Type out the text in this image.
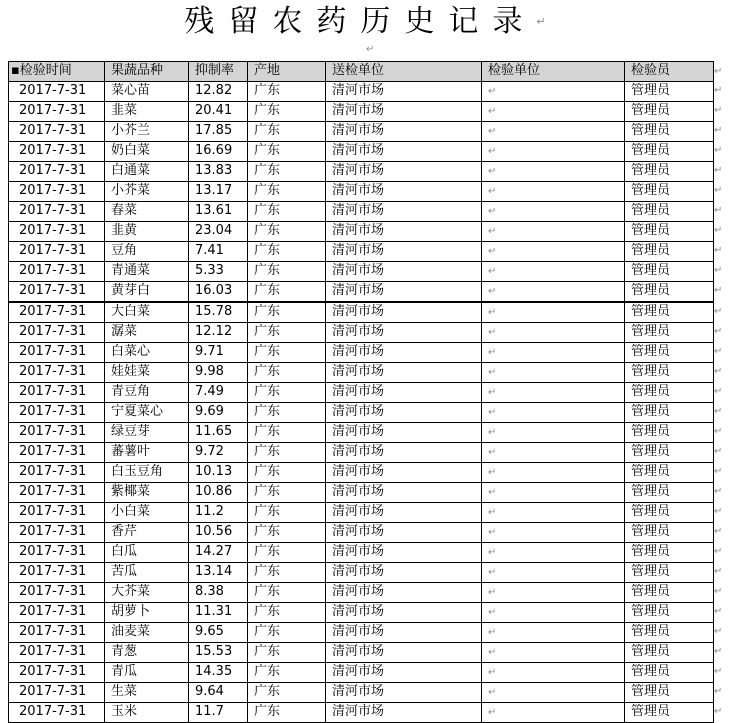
残留农药历史记录↵
↵
▪检验时间	果蔬品种	抑制率	产地	送检单位	检验单位	检验员
2017-7-31	菜心苗	12.82	广东	清河市场	↵	管理员
2017-7-31	韭菜	20.41	广东	清河市场	↵	管理员
2017-7-31	小芥兰	17.85	广东	清河市场	↵	管理员
2017-7-31	奶白菜	16.69	广东	清河市场	↵	管理员
2017-7-31	白通菜	13.83	广东	清河市场	↵	管理员
2017-7-31	小芥菜	13.17	广东	清河市场	↵	管理员
2017-7-31	春菜	13.61	广东	清河市场	↵	管理员
2017-7-31	韭黄	23.04	广东	清河市场	↵	管理员
2017-7-31	豆角	7.41	广东	清河市场	↵	管理员
2017-7-31	青通菜	5.33	广东	清河市场	↵	管理员
2017-7-31	黄芽白	16.03	广东	清河市场	↵	管理员
2017-7-31	大白菜	15.78	广东	清河市场	↵	管理员
2017-7-31	潺菜	12.12	广东	清河市场	↵	管理员
2017-7-31	白菜心	9.71	广东	清河市场	↵	管理员
2017-7-31	娃娃菜	9.98	广东	清河市场	↵	管理员
2017-7-31	青豆角	7.49	广东	清河市场	↵	管理员
2017-7-31	宁夏菜心	9.69	广东	清河市场	↵	管理员
2017-7-31	绿豆芽	11.65	广东	清河市场	↵	管理员
2017-7-31	蕃薯叶	9.72	广东	清河市场	↵	管理员
2017-7-31	白玉豆角	10.13	广东	清河市场	↵	管理员
2017-7-31	紫椰菜	10.86	广东	清河市场	↵	管理员
2017-7-31	小白菜	11.2	广东	清河市场	↵	管理员
2017-7-31	香芹	10.56	广东	清河市场	↵	管理员
2017-7-31	白瓜	14.27	广东	清河市场	↵	管理员
2017-7-31	苦瓜	13.14	广东	清河市场	↵	管理员
2017-7-31	大芥菜	8.38	广东	清河市场	↵	管理员
2017-7-31	胡萝卜	11.31	广东	清河市场	↵	管理员
2017-7-31	油麦菜	9.65	广东	清河市场	↵	管理员
2017-7-31	青葱	15.53	广东	清河市场	↵	管理员
2017-7-31	青瓜	14.35	广东	清河市场	↵	管理员
2017-7-31	生菜	9.64	广东	清河市场	↵	管理员
2017-7-31	玉米	11.7	广东	清河市场	↵	管理员
↵
↵
↵
↵
↵
↵
↵
↵
↵
↵
↵
↵
↵
↵
↵
↵
↵
↵
↵
↵
↵
↵
↵
↵
↵
↵
↵
↵
↵
↵
↵
↵
↵
